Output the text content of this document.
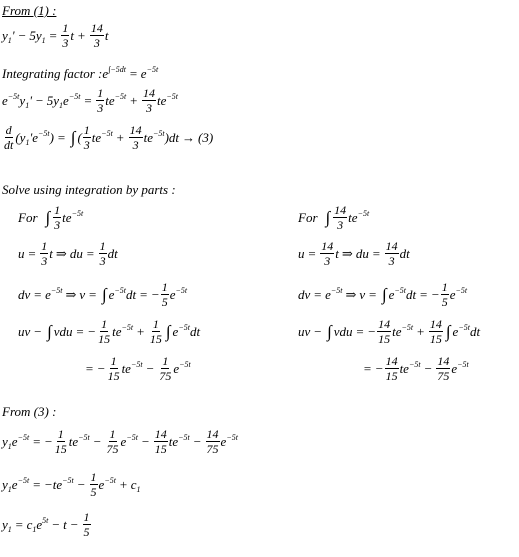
From (1) :
$y_1' - 5$ $y_1 = \frac{1}{3}$ $t + \frac{14}{3}$ t
Integrating factor : $e^{\int-5dt} = e^{-5t}$
$e^{-5t}y_1' - 5$ $y_1e^{-5t} = \frac{1}{3} te^{-5t} + \frac{14}{3} te^{-5t}$
$\frac{d}{dt} (y_1'e^{-5t})$ = ∫ ( $\frac{1}{3} te^{-5t} + \frac{14}{3} te^{-5t})dt \to (3)$
Solve using integration by parts :
For ∫ $\frac{1}{3} te^{-5t}$
$u = \frac{1}{3}$ t ⇒ du = $\frac{1}{3}$ dt
dv = $e^{-5t}$ ⇒ v = ∫ $e^{-5t}dt$ = − $\frac{1}{5} e^{-5t}$
uv − ∫ vdu = − $\frac{1}{15} te^{-5t} + \frac{1}{15}$ ∫ $e^{-5t}dt$
= − $\frac{1}{15} te^{-5t} - \frac{1}{75} e^{-5t}$
For ∫ $\frac{14}{3} te^{-5t}$
$u = \frac{14}{3}$ t ⇒ du = $\frac{14}{3}$ dt
dv = $e^{-5t}$ ⇒ v = ∫ $e^{-5t}dt$ = − $\frac{1}{5} e^{-5t}$
uv − ∫ vdu = − $\frac{14}{15} te^{-5t} + \frac{14}{15}$ ∫ $e^{-5t}dt$
= − $\frac{14}{15} te^{-5t} - \frac{14}{75} e^{-5t}$
From (3) :
$y_1e^{-5t}$ = − $\frac{1}{15} te^{-5t} - \frac{1}{75} e^{-5t} - \frac{14}{15} te^{-5t} - \frac{14}{75} e^{-5t}$
$y_1e^{-5t} = -te^{-5t} - \frac{1}{5} e^{-5t} + c_1$
$y_1 = c_1e^{5t} - t - \frac{1}{5}$
